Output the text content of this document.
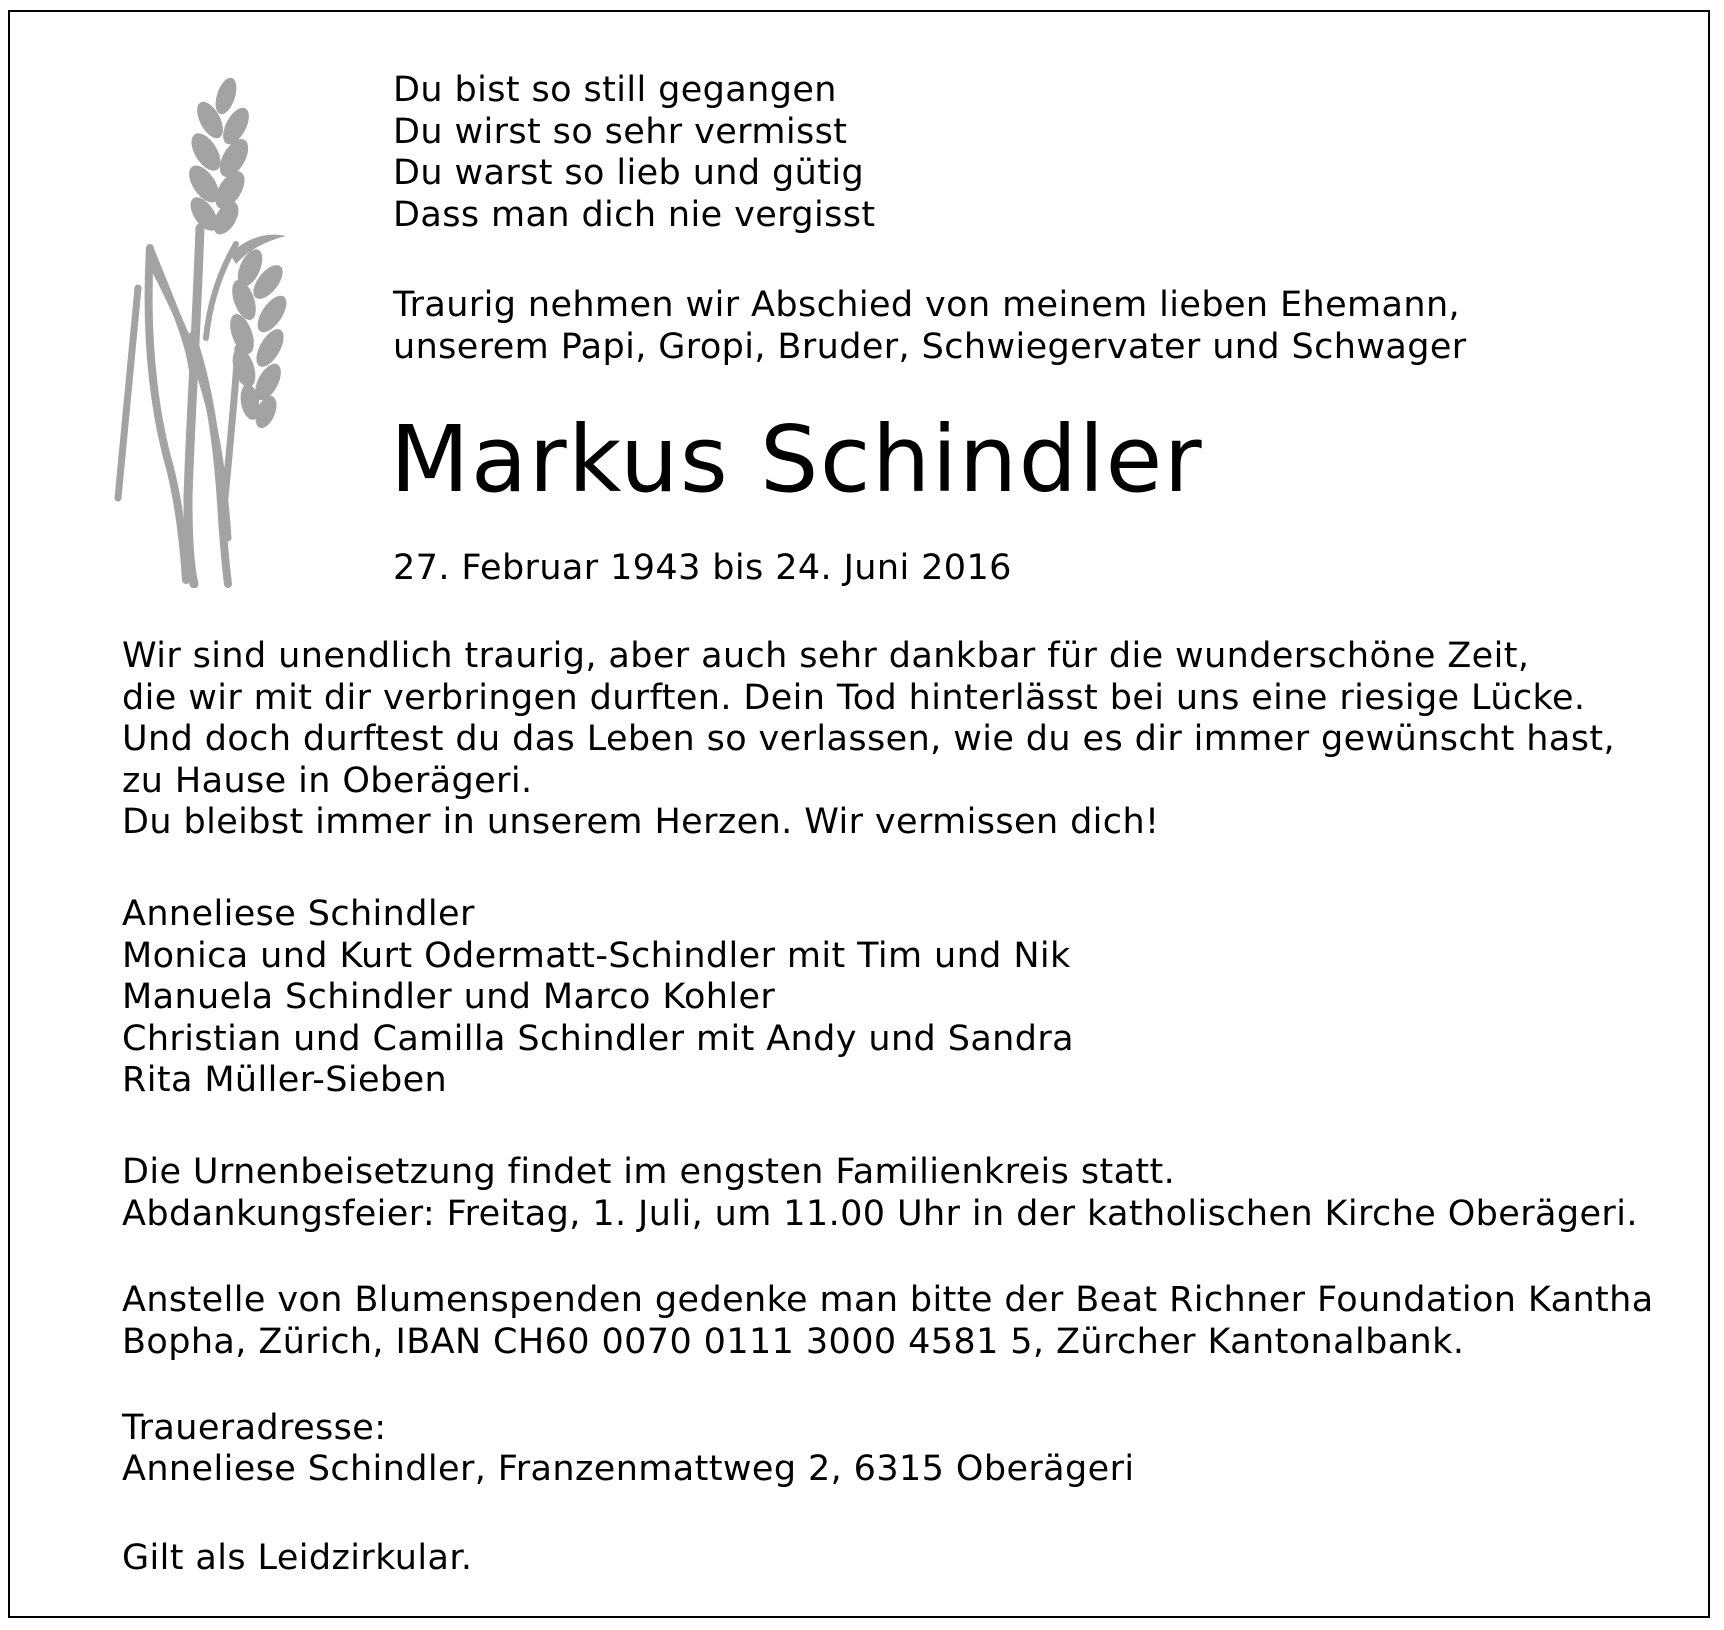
Du bist so still gegangen
Du wirst so sehr vermisst
Du warst so lieb und gütig
Dass man dich nie vergisst

Traurig nehmen wir Abschied von meinem lieben Ehemann,
unserem Papi, Gropi, Bruder, Schwiegervater und Schwager

Markus Schindler

27. Februar 1943 bis 24. Juni 2016

Wir sind unendlich traurig, aber auch sehr dankbar für die wunderschöne Zeit,
die wir mit dir verbringen durften. Dein Tod hinterlässt bei uns eine riesige Lücke.
Und doch durftest du das Leben so verlassen, wie du es dir immer gewünscht hast,
zu Hause in Oberägeri.
Du bleibst immer in unserem Herzen. Wir vermissen dich!

Anneliese Schindler
Monica und Kurt Odermatt-Schindler mit Tim und Nik
Manuela Schindler und Marco Kohler
Christian und Camilla Schindler mit Andy und Sandra
Rita Müller-Sieben

Die Urnenbeisetzung findet im engsten Familienkreis statt.
Abdankungsfeier: Freitag, 1. Juli, um 11.00 Uhr in der katholischen Kirche Oberägeri.

Anstelle von Blumenspenden gedenke man bitte der Beat Richner Foundation Kantha
Bopha, Zürich, IBAN CH60 0070 0111 3000 4581 5, Zürcher Kantonalbank.

Traueradresse:

Anneliese Schindler, Franzenmattweg 2, 6315 Oberägeri

Gilt als Leidzirkular.
